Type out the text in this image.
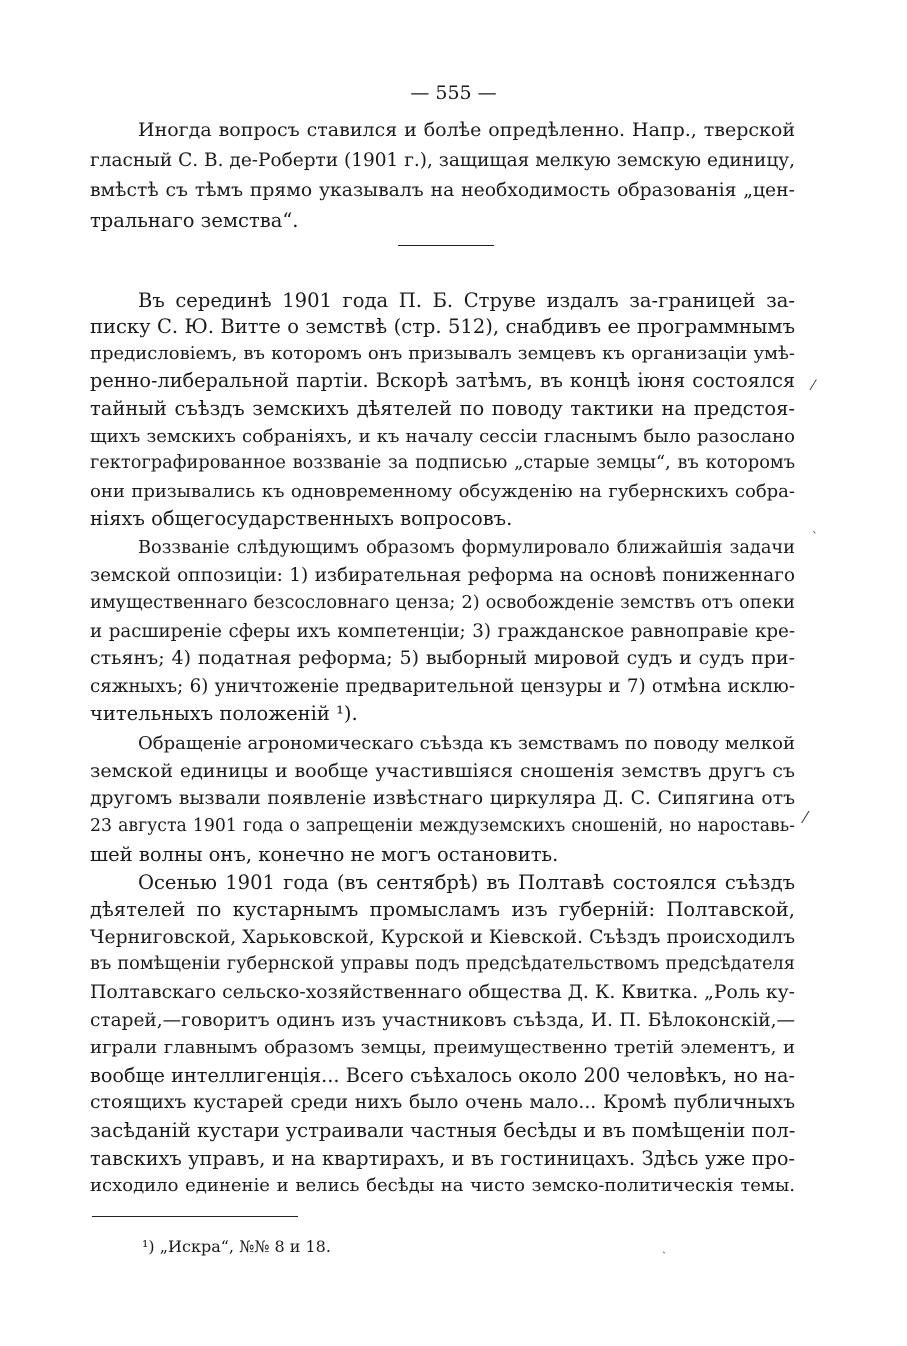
— 555 —
Иногда вопросъ ставился и болѣе опредѣленно. Напр., тверской
гласный С. В. де-Роберти (1901 г.), защищая мелкую земскую единицу,
вмѣстѣ съ тѣмъ прямо указывалъ на необходимость образованія „цен-
тральнаго земства“.
Въ серединѣ 1901 года П. Б. Струве издалъ за-границей за-
писку С. Ю. Витте о земствѣ (стр. 512), снабдивъ ее программнымъ
предисловіемъ, въ которомъ онъ призывалъ земцевъ къ организаціи умѣ-
ренно-либеральной партіи. Вскорѣ затѣмъ, въ концѣ іюня состоялся
тайный съѣздъ земскихъ дѣятелей по поводу тактики на предстоя-
щихъ земскихъ собраніяхъ, и къ началу сессіи гласнымъ было разослано
гектографированное воззваніе за подписью „старые земцы“, въ которомъ
они призывались къ одновременному обсужденію на губернскихъ собра-
ніяхъ общегосударственныхъ вопросовъ.
Воззваніе слѣдующимъ образомъ формулировало ближайшія задачи
земской оппозиціи: 1) избирательная реформа на основѣ пониженнаго
имущественнаго безсословнаго ценза; 2) освобожденіе земствъ отъ опеки
и расширеніе сферы ихъ компетенціи; 3) гражданское равноправіе кре-
стьянъ; 4) податная реформа; 5) выборный мировой судъ и судъ при-
сяжныхъ; 6) уничтоженіе предварительной цензуры и 7) отмѣна исклю-
чительныхъ положеній ¹).
Обращеніе агрономическаго съѣзда къ земствамъ по поводу мелкой
земской единицы и вообще участившіяся сношенія земствъ другъ съ
другомъ вызвали появленіе извѣстнаго циркуляра Д. С. Сипягина отъ
23 августа 1901 года о запрещеніи междуземскихъ сношеній, но нароставь-
шей волны онъ, конечно не могъ остановить.
Осенью 1901 года (въ сентябрѣ) въ Полтавѣ состоялся съѣздъ
дѣятелей по кустарнымъ промысламъ изъ губерній: Полтавской,
Черниговской, Харьковской, Курской и Кіевской. Съѣздъ происходилъ
въ помѣщеніи губернской управы подъ предсѣдательствомъ предсѣдателя
Полтавскаго сельско-хозяйственнаго общества Д. К. Квитка. „Роль ку-
старей,—говоритъ одинъ изъ участниковъ съѣзда, И. П. Бѣлоконскій,—
играли главнымъ образомъ земцы, преимущественно третій элементъ, и
вообще интеллигенція... Всего съѣхалось около 200 человѣкъ, но на-
стоящихъ кустарей среди нихъ было очень мало... Кромѣ публичныхъ
засѣданій кустари устраивали частныя бесѣды и въ помѣщеніи пол-
тавскихъ управъ, и на квартирахъ, и въ гостиницахъ. Здѣсь уже про-
исходило единеніе и велись бесѣды на чисто земско-политическія темы.
¹) „Искра“, №№ 8 и 18.
⁄
ˋ
⁄
ˏ
